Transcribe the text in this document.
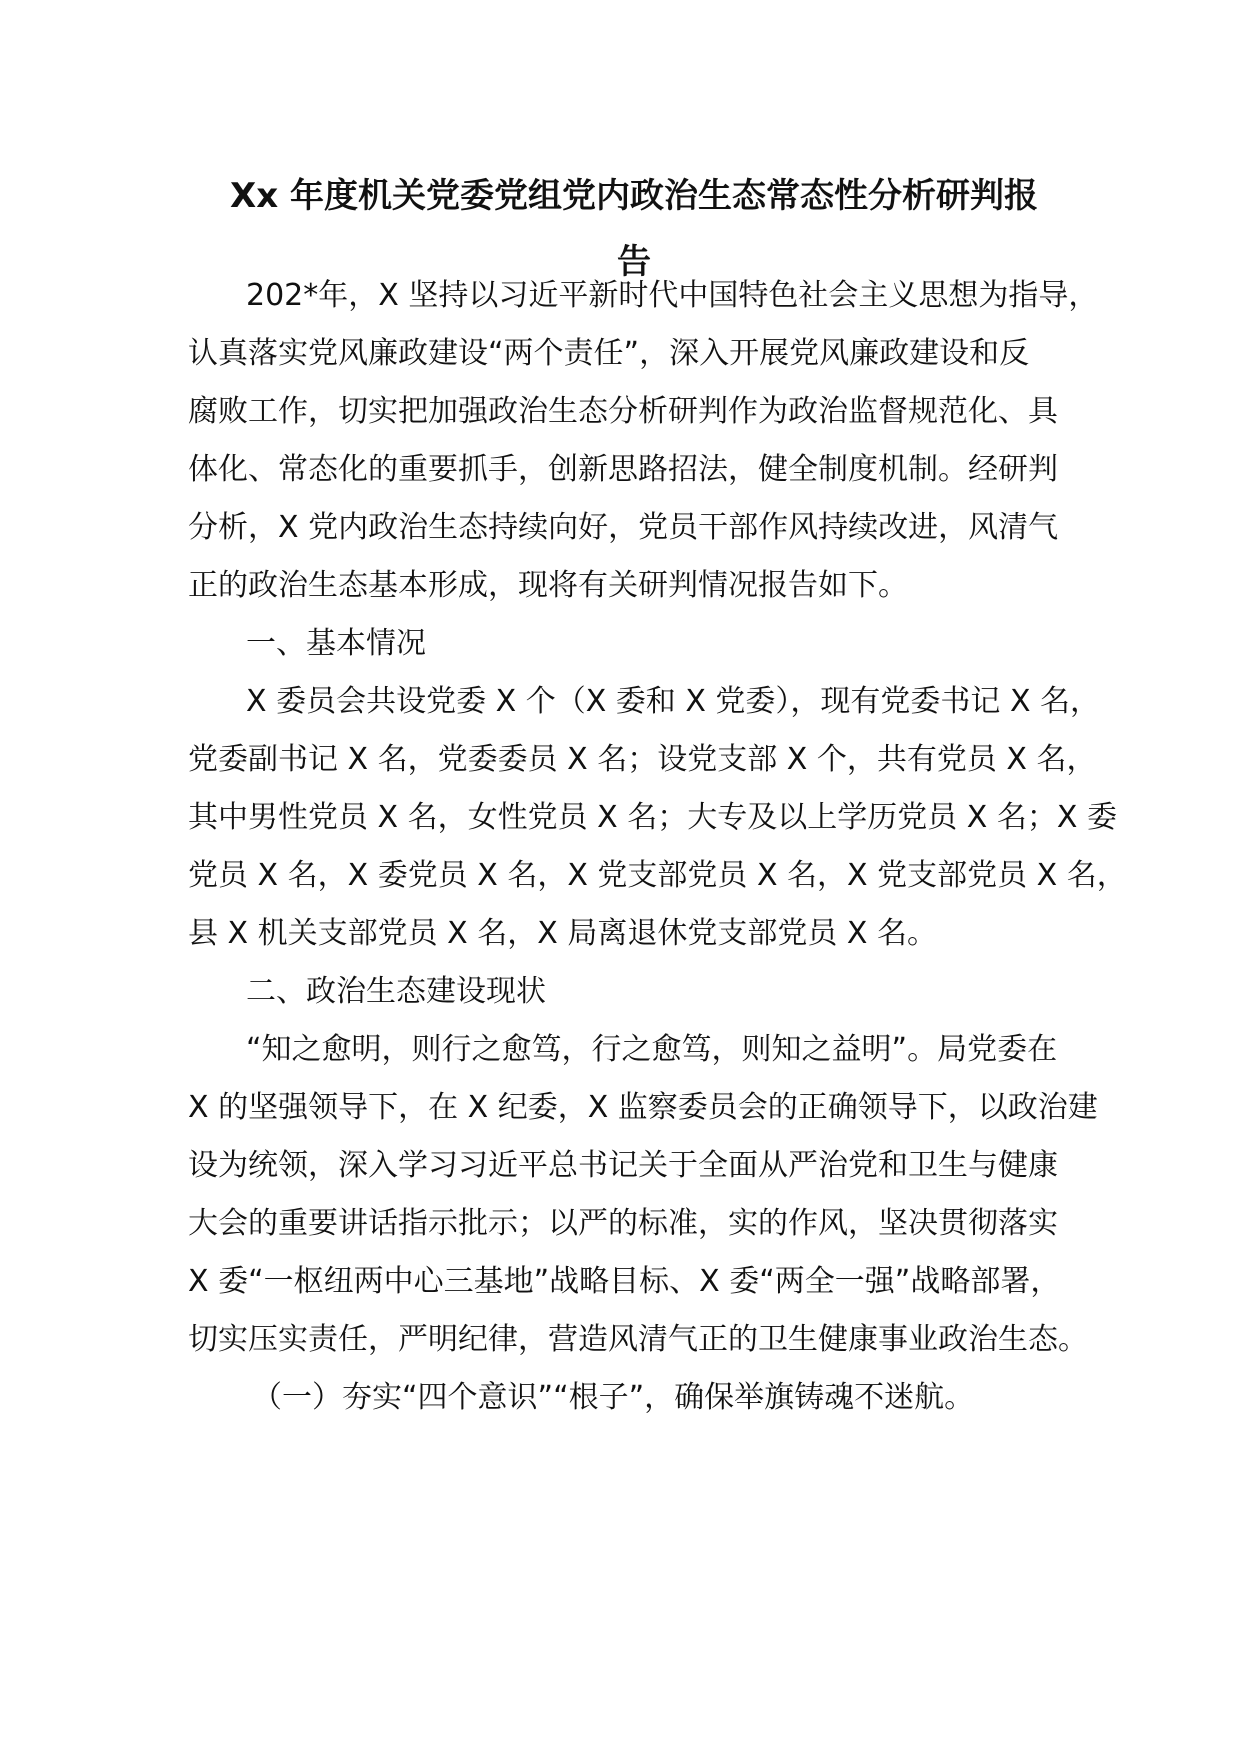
Xx 年度机关党委党组党内政治生态常态性分析研判报
告

202*年，X 坚持以习近平新时代中国特色社会主义思想为指导，

认真落实党风廉政建设“两个责任”，深入开展党风廉政建设和反

腐败工作，切实把加强政治生态分析研判作为政治监督规范化、具

体化、常态化的重要抓手，创新思路招法，健全制度机制。经研判

分析，X 党内政治生态持续向好，党员干部作风持续改进，风清气

正的政治生态基本形成，现将有关研判情况报告如下。

一、基本情况

X 委员会共设党委 X 个（X 委和 X 党委），现有党委书记 X 名，

党委副书记 X 名，党委委员 X 名；设党支部 X 个，共有党员 X 名，

其中男性党员 X 名，女性党员 X 名；大专及以上学历党员 X 名；X 委

党员 X 名，X 委党员 X 名，X 党支部党员 X 名，X 党支部党员 X 名，

县 X 机关支部党员 X 名，X 局离退休党支部党员 X 名。

二、政治生态建设现状

“知之愈明，则行之愈笃，行之愈笃，则知之益明”。局党委在

X 的坚强领导下，在 X 纪委，X 监察委员会的正确领导下，以政治建

设为统领，深入学习习近平总书记关于全面从严治党和卫生与健康

大会的重要讲话指示批示；以严的标准，实的作风，坚决贯彻落实

X 委“一枢纽两中心三基地”战略目标、X 委“两全一强”战略部署，

切实压实责任，严明纪律，营造风清气正的卫生健康事业政治生态。

（一）夯实“四个意识”“根子”，确保举旗铸魂不迷航。
